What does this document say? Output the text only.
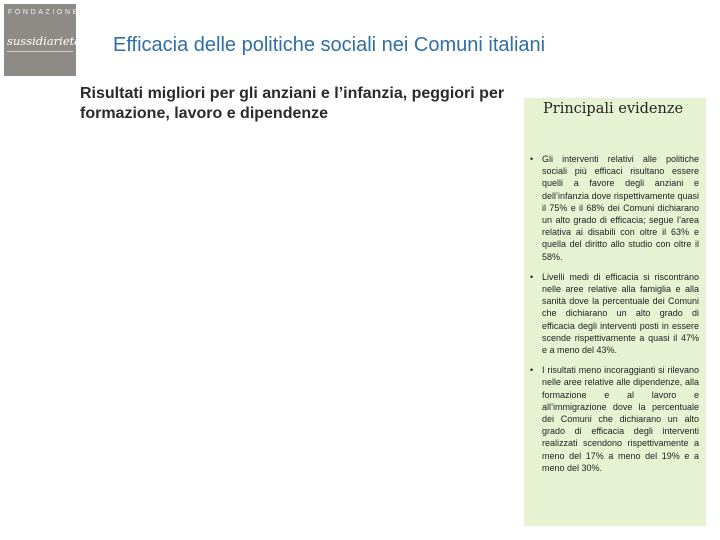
FONDAZIONE
sussidiarietà Efficacia delle politiche sociali nei Comuni italiani
Risultati migliori per gli anziani e l’infanzia, peggiori per formazione, lavoro e dipendenze	Principali evidenze
• Gli interventi relativi alle politiche sociali più efficaci risultano essere quelli a favore degli anziani e dell’infanzia dove rispettivamente quasi il 75% e il 68% dei Comuni dichiarano un alto grado di efficacia; segue l’area relativa ai disabili con oltre il 63% e quella del diritto allo studio con oltre il 58%.
• Livelli medi di efficacia si riscontrano nelle aree relative alla famiglia e alla sanità dove la percentuale dei Comuni che dichiarano un alto grado di efficacia degli interventi posti in essere scende rispettivamente a quasi il 47% e a meno del 43%.
• I risultati meno incoraggianti si rilevano nelle aree relative alle dipendenze, alla formazione e al lavoro e all’immigrazione dove la percentuale dei Comuni che dichiarano un alto grado di efficacia degli interventi realizzati scendono rispettivamente a meno del 17% a meno del 19% e a meno del 30%.
